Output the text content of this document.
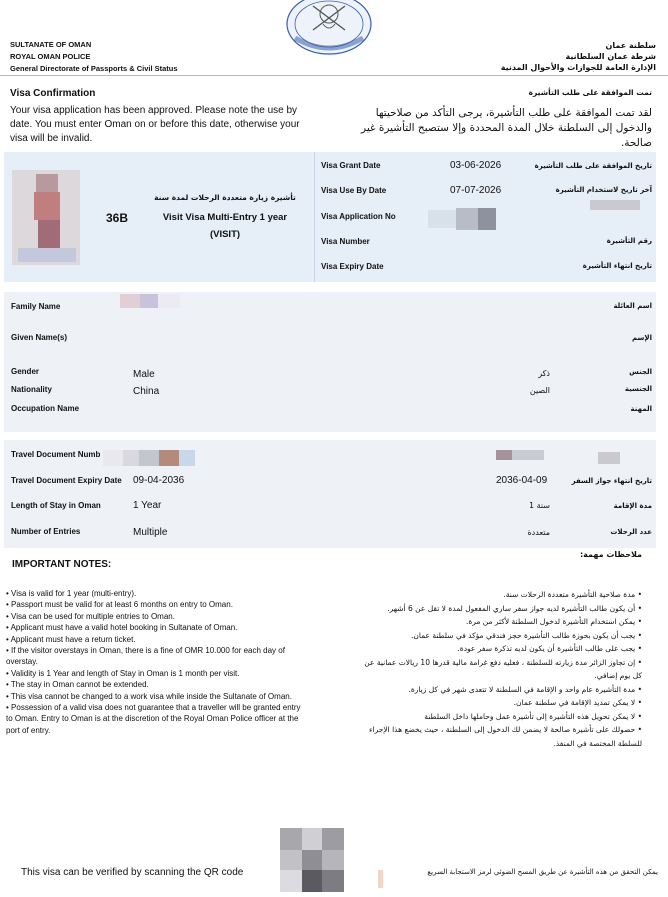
SULTANATE OF OMAN
ROYAL OMAN POLICE
General Directorate of Passports & Civil Status
سلطنة عمان
شرطة عمان السلطانية
الإدارة العامة للجوازات والأحوال المدنية
Visa Confirmation	تمت الموافقة على طلب التأشيرة
Your visa application has been approved. Please note the use by date. You must enter Oman on or before this date, otherwise your visa will be invalid.
لقد تمت الموافقة على طلب التأشيرة، يرجى التأكد من صلاحيتها والدخول إلى السلطنة خلال المدة المحددة وإلا ستصبح التأشيرة غير صالحة.
36B
تأشيرة زيارة متعددة الرحلات لمدة سنة
Visit Visa Multi-Entry 1 year
(VISIT)
Visa Grant Date	03-06-2026	تاريخ الموافقة على طلب التأشيرة
Visa Use By Date	07-07-2026	آخر تاريخ لاستخدام التأشيرة
Visa Application No
Visa Number	رقم التأشيرة
Visa Expiry Date	تاريخ انتهاء التأشيرة
Family Name	اسم العائلة
Given Name(s)	الإسم
Gender	Male	ذكر	الجنس
Nationality	China	الصين	الجنسية
Occupation Name	المهنة
Travel Document Numb
Travel Document Expiry Date 09-04-2036	2036-04-09	تاريخ انتهاء جواز السفر
Length of Stay in Oman	1 Year	سنة 1	مدة الإقامة
Number of Entries	Multiple	متعددة	عدد الرحلات
IMPORTANT NOTES:
ملاحظات مهمة:
• Visa is valid for 1 year (multi-entry).
• Passport must be valid for at least 6 months on entry to Oman.
• Visa can be used for multiple entries to Oman.
• Applicant must have a valid hotel booking in Sultanate of Oman.
• Applicant must have a return ticket.
• If the visitor overstays in Oman, there is a fine of OMR 10.000 for each day of overstay.
• Validity is 1 Year and length of Stay in Oman is 1 month per visit.
• The stay in Oman cannot be extended.
• This visa cannot be changed to a work visa while inside the Sultanate of Oman.
• Possession of a valid visa does not guarantee that a traveller will be granted entry to Oman. Entry to Oman is at the discretion of the Royal Oman Police officer at the port of entry.
• مدة صلاحية التأشيرة متعددة الرحلات سنة.
• أن يكون طالب التأشيرة لديه جواز سفر ساري المفعول لمدة لا تقل عن 6 أشهر.
• يمكن استخدام التأشيرة لدخول السلطنة لأكثر من مرة.
• يجب أن يكون بحوزة طالب التأشيرة حجز فندقي مؤكد في سلطنة عمان.
• يجب على طالب التأشيرة أن يكون لديه تذكرة سفر عودة.
• إن تجاوز الزائر مدة زيارته للسلطنة ، فعليه دفع غرامة مالية قدرها 10 ريالات عمانية عن كل يوم إضافي.
• مدة التأشيرة عام واحد و الإقامة في السلطنة لا تتعدى شهر في كل زيارة.
• لا يمكن تمديد الإقامة في سلطنة عمان.
• لا يمكن تحويل هذه التأشيرة إلى تأشيرة عمل وحاملها داخل السلطنة
• حصولك على تأشيرة صالحة لا يضمن لك الدخول إلى السلطنة ، حيث يخضع هذا الإجراء للسلطة المختصة في المنفذ.
This visa can be verified by scanning the QR code	يمكن التحقق من هذه التأشيرة عن طريق المسح الضوئي لرمز الاستجابة السريع
